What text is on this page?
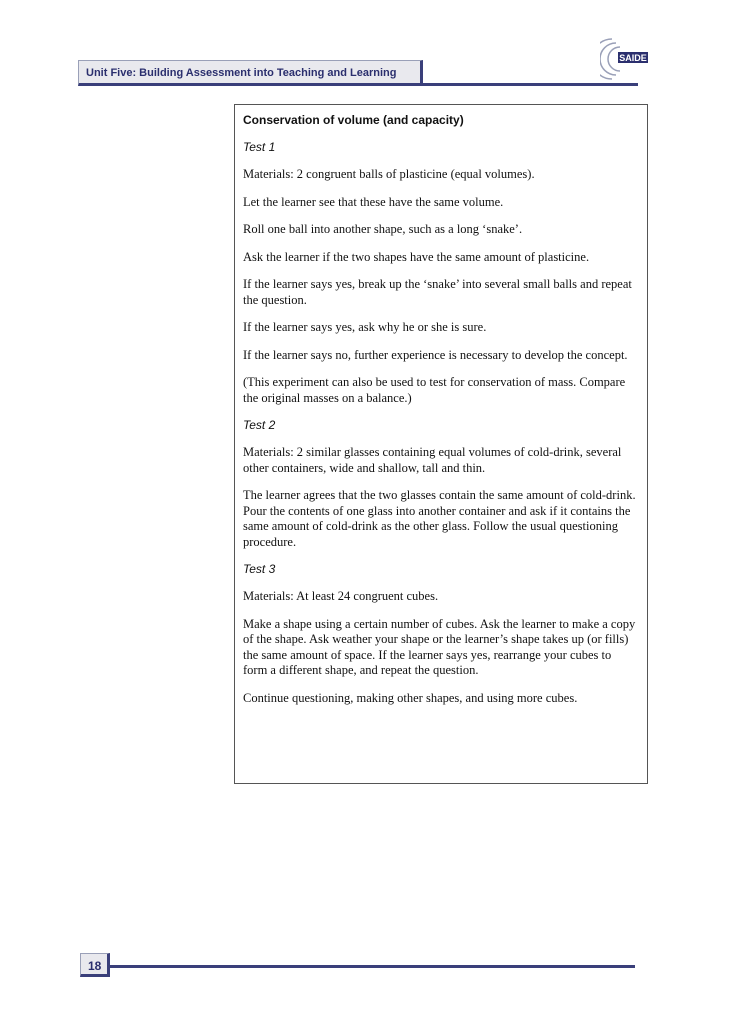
Unit Five: Building Assessment into Teaching and Learning
SAIDE

Conservation of volume (and capacity)

Test 1

Materials: 2 congruent balls of plasticine (equal volumes).

Let the learner see that these have the same volume.

Roll one ball into another shape, such as a long ‘snake’.

Ask the learner if the two shapes have the same amount of plasticine.

If the learner says yes, break up the ‘snake’ into several small balls and repeat the question.

If the learner says yes, ask why he or she is sure.

If the learner says no, further experience is necessary to develop the concept.

(This experiment can also be used to test for conservation of mass. Compare the original masses on a balance.)

Test 2

Materials: 2 similar glasses containing equal volumes of cold-drink, several other containers, wide and shallow, tall and thin.

The learner agrees that the two glasses contain the same amount of cold-drink. Pour the contents of one glass into another container and ask if it contains the same amount of cold-drink as the other glass. Follow the usual questioning procedure.

Test 3

Materials: At least 24 congruent cubes.

Make a shape using a certain number of cubes. Ask the learner to make a copy of the shape. Ask weather your shape or the learner’s shape takes up (or fills) the same amount of space. If the learner says yes, rearrange your cubes to form a different shape, and repeat the question.

Continue questioning, making other shapes, and using more cubes.

18
